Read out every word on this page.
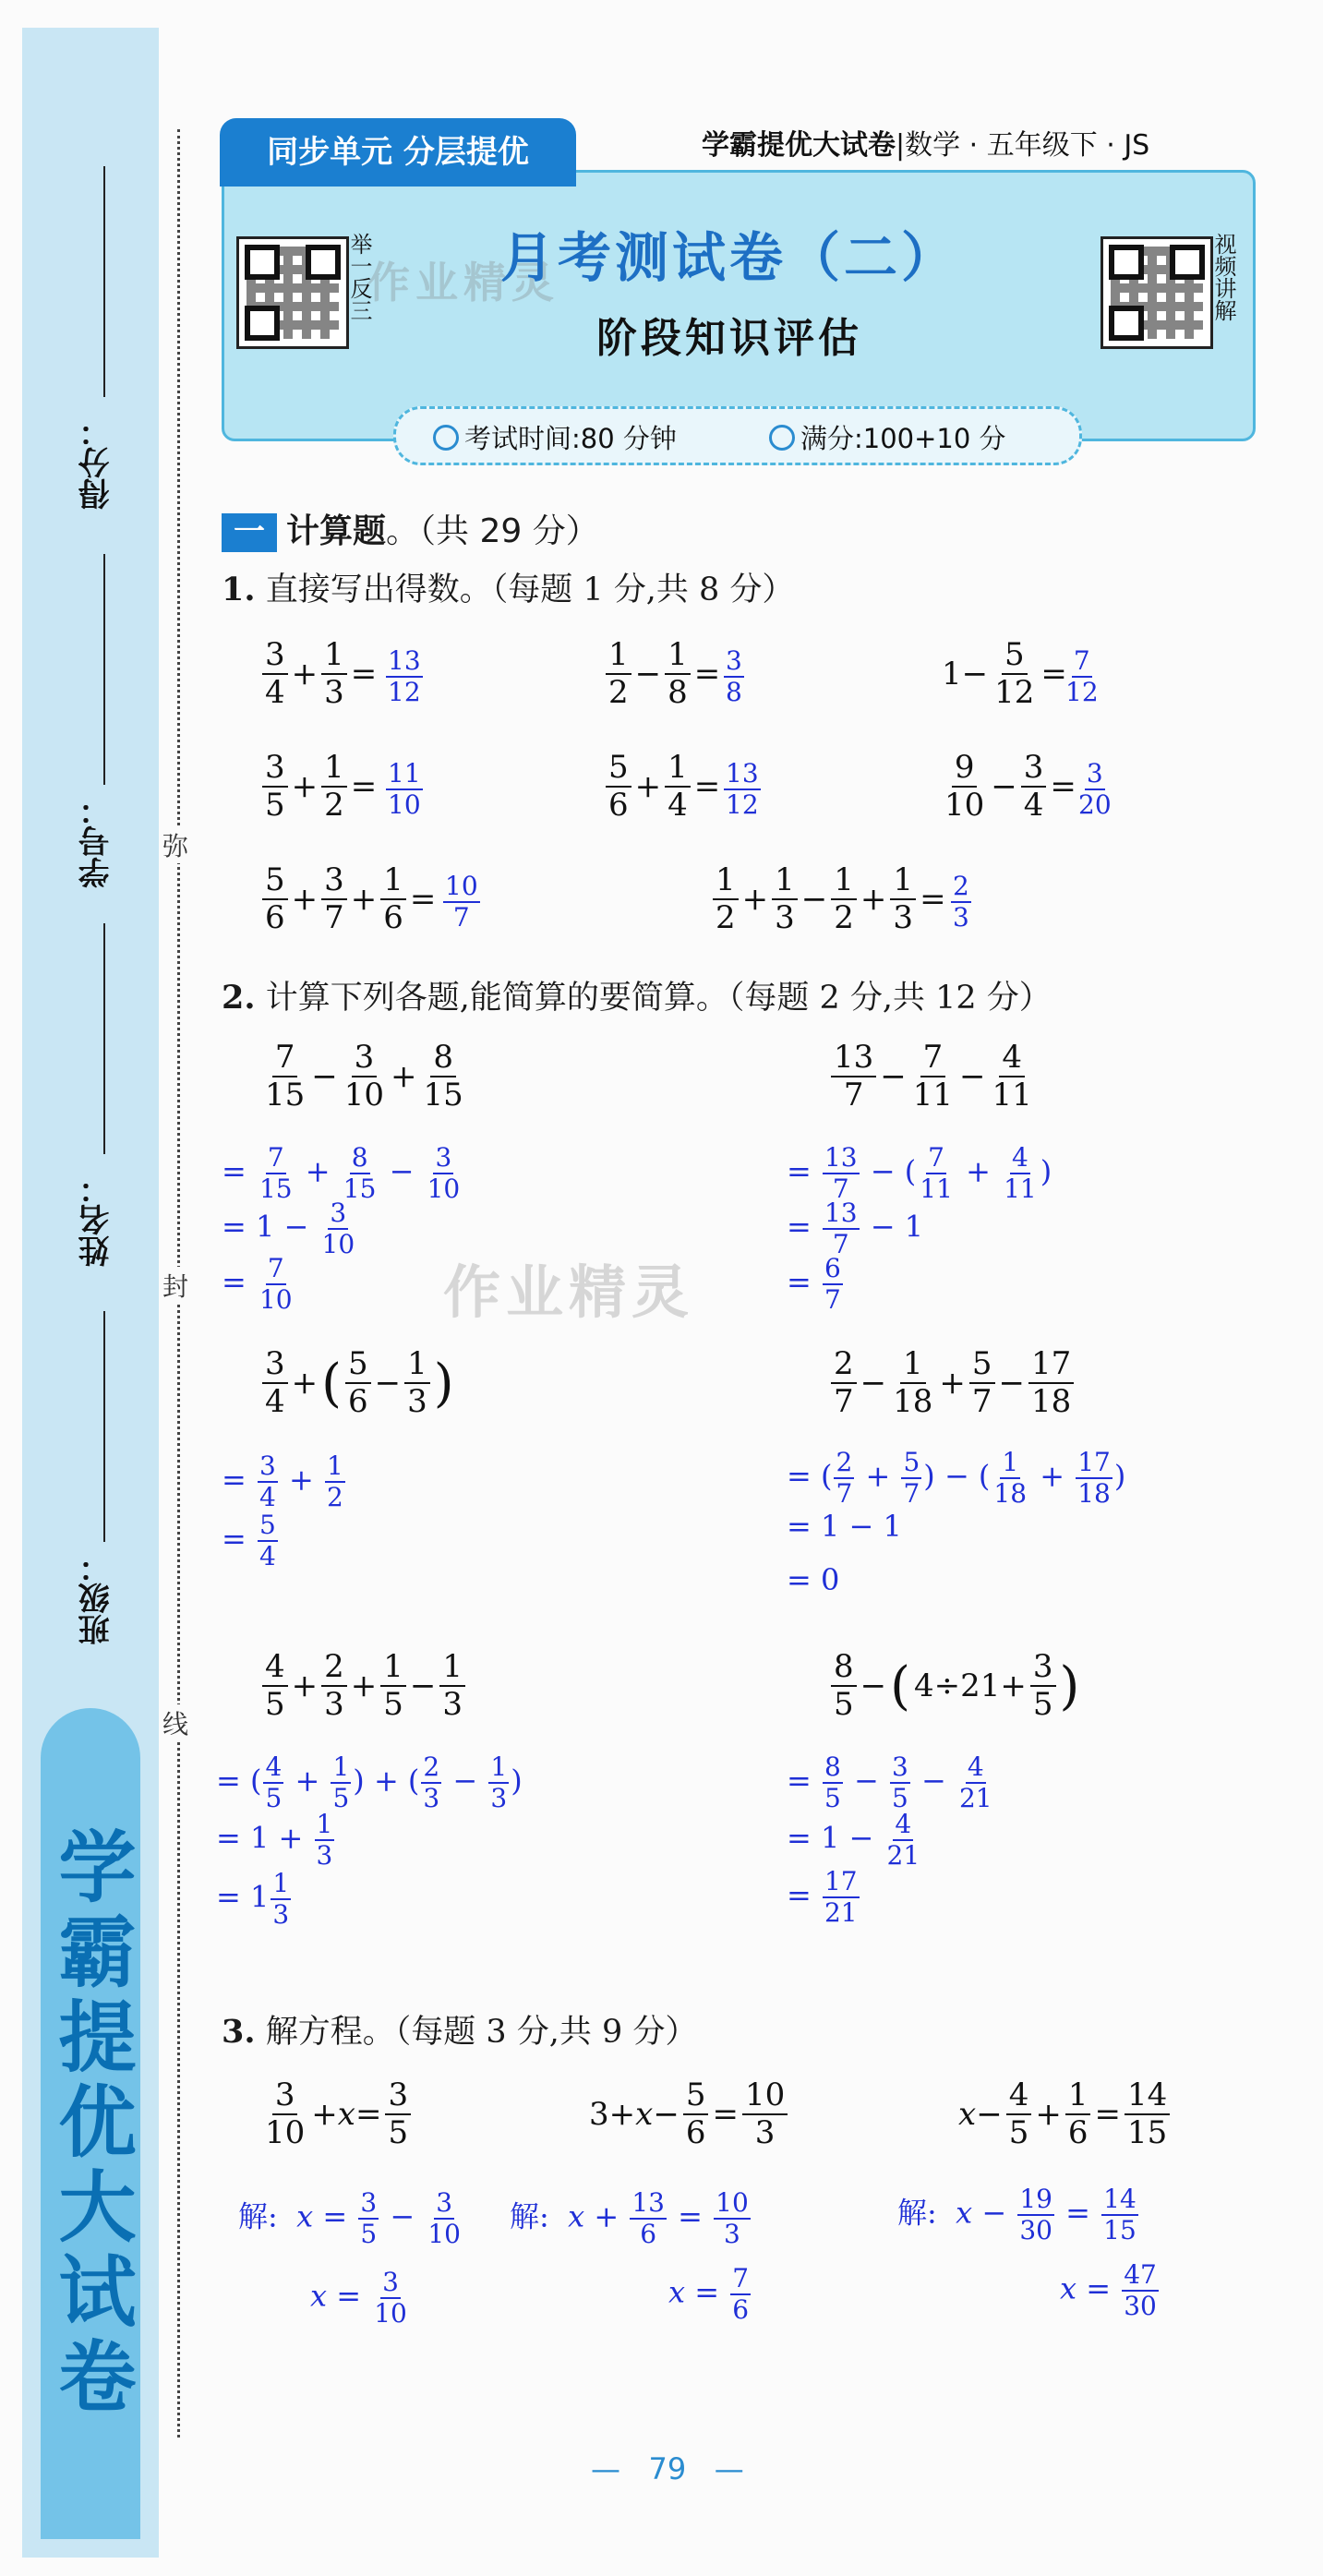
学霸提优大试卷
得分：
学号：
姓名：
班级：
弥
封
线
同步单元 分层提优	学霸提优大试卷|数学 · 五年级下 · JS
举一反三	视频讲解
作业精灵
月考测试卷（二）
阶段知识评估
考试时间:80 分钟	满分:100+10 分
一 计算题。（共 29 分）
1. 直接写出得数。（每题 1 分,共 8 分）
$\frac{3}{4} + \frac{1}{3} = \frac{13}{12}$	$\frac{1}{2} - \frac{1}{8} = \frac{3}{8}$	$1- \frac{5}{12}$ =
$\frac{7}{12}$
$\frac{3}{5} + \frac{1}{2} = \frac{11}{10}$	$\frac{5}{6} + \frac{1}{4} = \frac{13}{12}$	$\frac{9}{10} - \frac{3}{4} = \frac{3}{20}$
$\frac{5}{6} + \frac{3}{7} + \frac{1}{6} = \frac{10}{7}$	$\frac{1}{2} + \frac{1}{3} - \frac{1}{2} + \frac{1}{3} = \frac{2}{3}$
2. 计算下列各题,能简算的要简算。（每题 2 分,共 12 分）
$\frac{7}{15} - \frac{3}{10} + \frac{8}{15}$
= $\frac{7}{15} + \frac{8}{15} - \frac{3}{10}$
= $1 - \frac{3}{10}$
= $\frac{7}{10}$
$\frac{13}{7} - \frac{7}{11} - \frac{4}{11}$
= $\frac{13}{7}$ − ( $\frac{7}{11} + \frac{4}{11}$ )
= $\frac{13}{7} - 1$
= $\frac{6}{7}$
作业精灵
$\frac{3}{4}$ +( $\frac{5}{6} - \frac{1}{3}$ )
= $\frac{3}{4} + \frac{1}{2}$
= $\frac{5}{4}$
$\frac{2}{7} - \frac{1}{18} + \frac{5}{7} - \frac{17}{18}$
= ( $\frac{2}{7} + \frac{5}{7}$ ) − ( $\frac{1}{18} + \frac{17}{18}$ )
= 1 − 1
= 0
$\frac{4}{5} + \frac{2}{3} + \frac{1}{5} - \frac{1}{3}$
= ( $\frac{4}{5} + \frac{1}{5}$ ) + ( $\frac{2}{3} - \frac{1}{3}$ )
= $1 + \frac{1}{3}$
= $1 \frac{1}{3}$
$\frac{8}{5}$ −( $4\div 21+ \frac{3}{5}$ )
= $\frac{8}{5} - \frac{3}{5} - \frac{4}{21}$
= $1 - \frac{4}{21}$
= $\frac{17}{21}$
3. 解方程。（每题 3 分,共 9 分）
$\frac{3}{10} +x= \frac{3}{5}$
解:  $x = \frac{3}{5} - \frac{3}{10}$
$x = \frac{3}{10}$
$3+x- \frac{5}{6} = \frac{10}{3}$
解:  $x + \frac{13}{6} = \frac{10}{3}$
$x = \frac{7}{6}$
$x- \frac{4}{5} + \frac{1}{6} = \frac{14}{15}$
解:  $x - \frac{19}{30} = \frac{14}{15}$
$x = \frac{47}{30}$
— 79 —
